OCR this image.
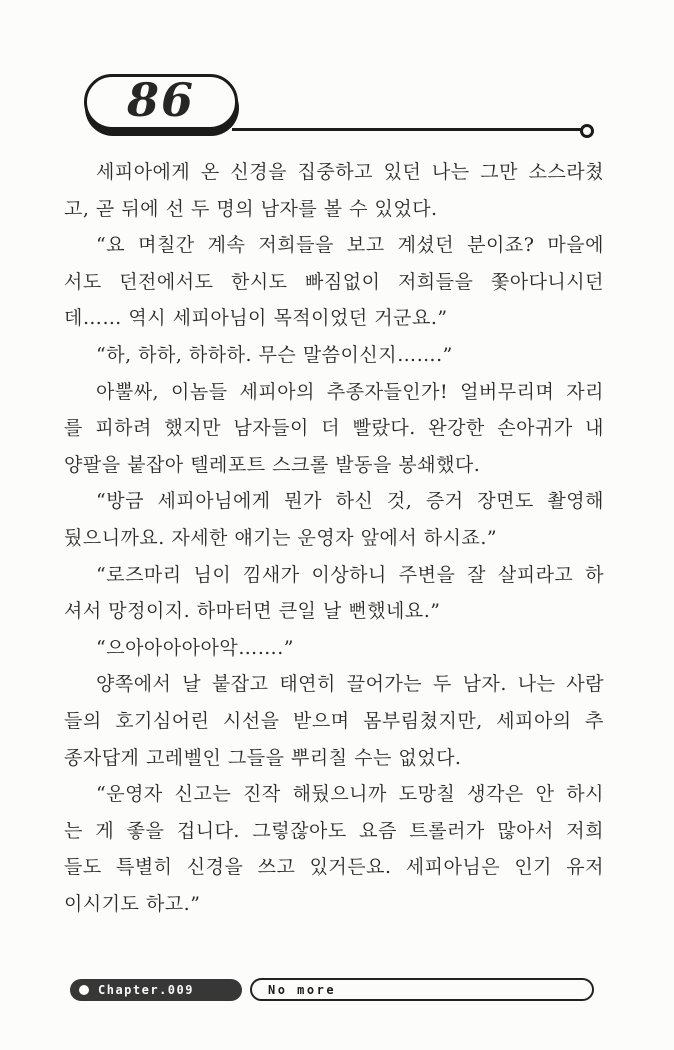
86
세피아에게 온 신경을 집중하고 있던 나는 그만 소스라쳤
고, 곧 뒤에 선 두 명의 남자를 볼 수 있었다.
“요 며칠간 계속 저희들을 보고 계셨던 분이죠? 마을에
서도 던전에서도 한시도 빠짐없이 저희들을 쫓아다니시던
데…… 역시 세피아님이 목적이었던 거군요.”
“하, 하하, 하하하. 무슨 말씀이신지…….”
아뿔싸, 이놈들 세피아의 추종자들인가! 얼버무리며 자리
를 피하려 했지만 남자들이 더 빨랐다. 완강한 손아귀가 내
양팔을 붙잡아 텔레포트 스크롤 발동을 봉쇄했다.
“방금 세피아님에게 뭔가 하신 것, 증거 장면도 촬영해
뒀으니까요. 자세한 얘기는 운영자 앞에서 하시죠.”
“로즈마리 님이 낌새가 이상하니 주변을 잘 살피라고 하
셔서 망정이지. 하마터면 큰일 날 뻔했네요.”
“으아아아아아악…….”
양쪽에서 날 붙잡고 태연히 끌어가는 두 남자. 나는 사람
들의 호기심어린 시선을 받으며 몸부림쳤지만, 세피아의 추
종자답게 고레벨인 그들을 뿌리칠 수는 없었다.
“운영자 신고는 진작 해뒀으니까 도망칠 생각은 안 하시
는 게 좋을 겁니다. 그렇잖아도 요즘 트롤러가 많아서 저희
들도 특별히 신경을 쓰고 있거든요. 세피아님은 인기 유저
이시기도 하고.”
Chapter.009	No more
